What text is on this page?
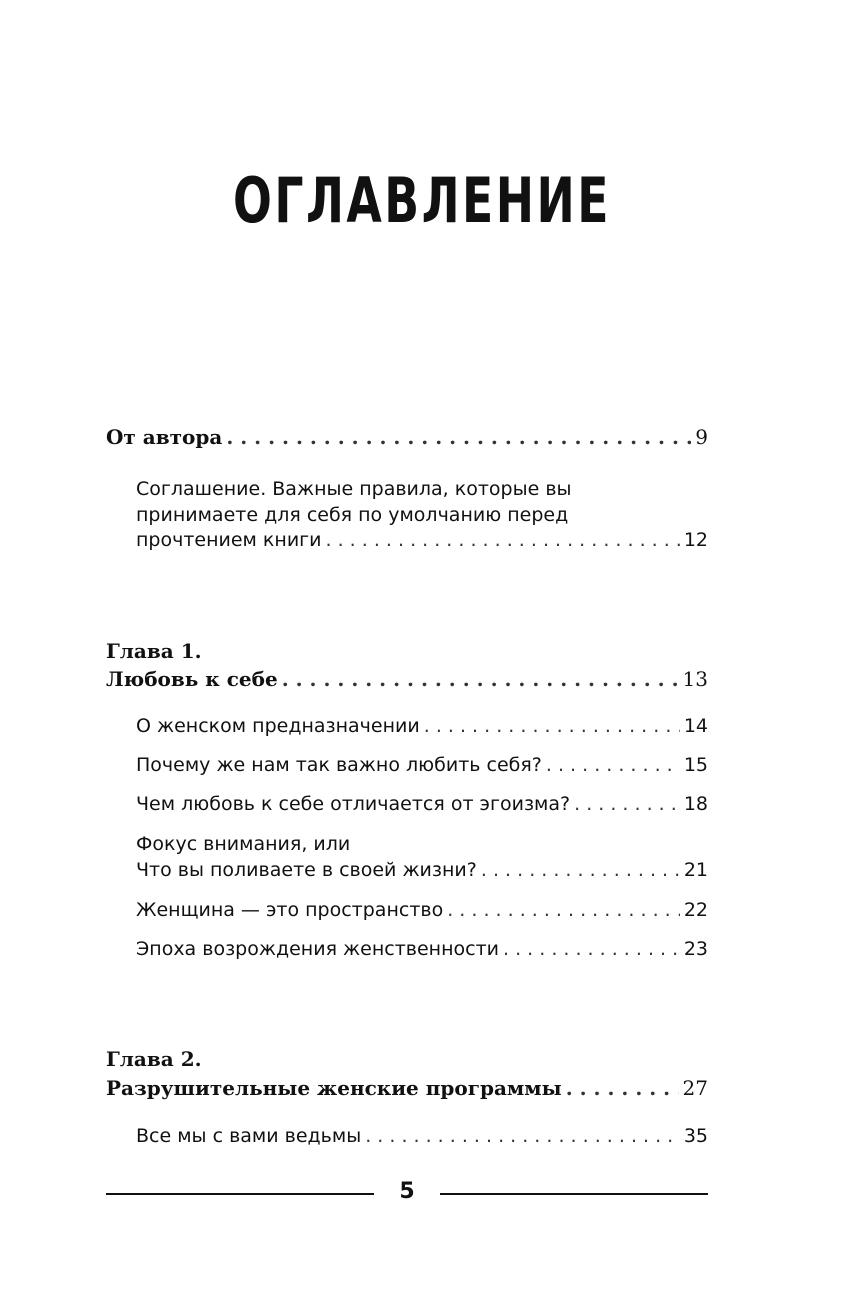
ОГЛАВЛЕНИЕ
От автора . . .	9
Соглашение. Важные правила, которые вы
принимаете для себя по умолчанию перед
прочтением книги . . .	12
Глава 1.
Любовь к себе . . .	13
О женском предназначении . . .	14
Почему же нам так важно любить себя? . . .	15
Чем любовь к себе отличается от эгоизма? . . .	18
Фокус внимания, или
Что вы поливаете в своей жизни? . . .	21
Женщина — это пространство . . .	22
Эпоха возрождения женственности . . .	23
Глава 2.
Разрушительные женские программы . . .	27
Все мы с вами ведьмы . . .	35
5
